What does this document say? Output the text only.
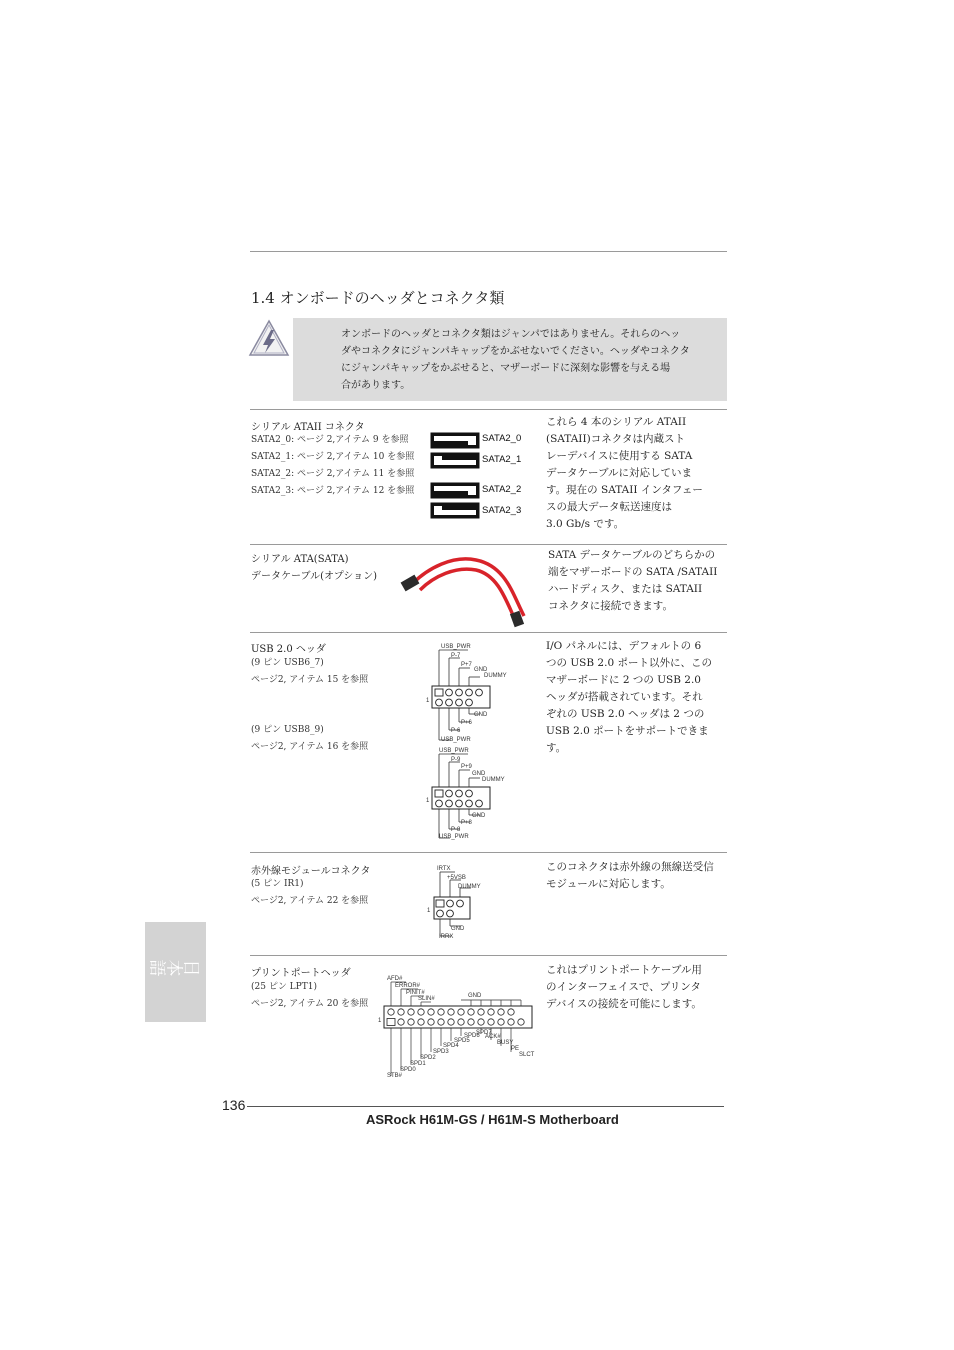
1.4 オンボードのヘッダとコネクタ類
オンボードのヘッダとコネクタ類はジャンパではありません。それらのヘッ
ダやコネクタにジャンパキャップをかぶせないでください。ヘッダやコネクタ
にジャンパキャップをかぶせると、マザーボードに深刻な影響を与える場
合があります。
シリアル ATAII コネクタ
SATA2_0: ページ 2,アイテム 9 を参照
SATA2_1: ページ 2,アイテム 10 を参照
SATA2_2: ページ 2,アイテム 11 を参照
SATA2_3: ページ 2,アイテム 12 を参照
SATA2_0
SATA2_1
SATA2_2
SATA2_3
これら 4 本のシリアル ATAII
(SATAII)コネクタは内蔵スト
レーデバイスに使用する SATA
データケーブルに対応していま
す。現在の SATAII インタフェー
スの最大データ転送速度は
3.0 Gb/s です。
シリアル ATA(SATA)
データケーブル(オプション)
SATA データケーブルのどちらかの
端をマザーボードの SATA /SATAII
ハードディスク、または SATAII
コネクタに接続できます。
USB 2.0 ヘッダ
(9 ピン USB6_7)
ページ2, アイテム 15 を参照
(9 ピン USB8_9)
ページ2, アイテム 16 を参照
USB_PWR
P-7
P+7
GND
DUMMY
GND
P+6
P-6
USB_PWR
1
USB_PWR
P-9
P+9
GND
DUMMY
GND
P+8
P-8
USB_PWR
1
I/O パネルには、デフォルトの 6
つの USB 2.0 ポート以外に、この
マザーボードに 2 つの USB 2.0
ヘッダが搭載されています。それ
ぞれの USB 2.0 ヘッダは 2 つの
USB 2.0 ポートをサポートできま
す。
赤外線モジュールコネクタ
(5 ピン IR1)
ページ2, アイテム 22 を参照
IRTX
+5VSB
DUMMY
GND
IRRX
1
このコネクタは赤外線の無線送受信
モジュールに対応します。
プリントポートヘッダ
(25 ピン LPT1)
ページ2, アイテム 20 を参照
AFD#
ERROR#
PINIT#
SLIN#	GND
SPD7
SPD6
SPD5
ACK#
SPD4	BUSY
SPD3	PE
SPD2	SLCT
SPD1
SPD0
STB#
1
これはプリントポートケーブル用
のインターフェイスで、プリンタ
デバイスの接続を可能にします。
日本語
136
ASRock H61M-GS / H61M-S Motherboard
